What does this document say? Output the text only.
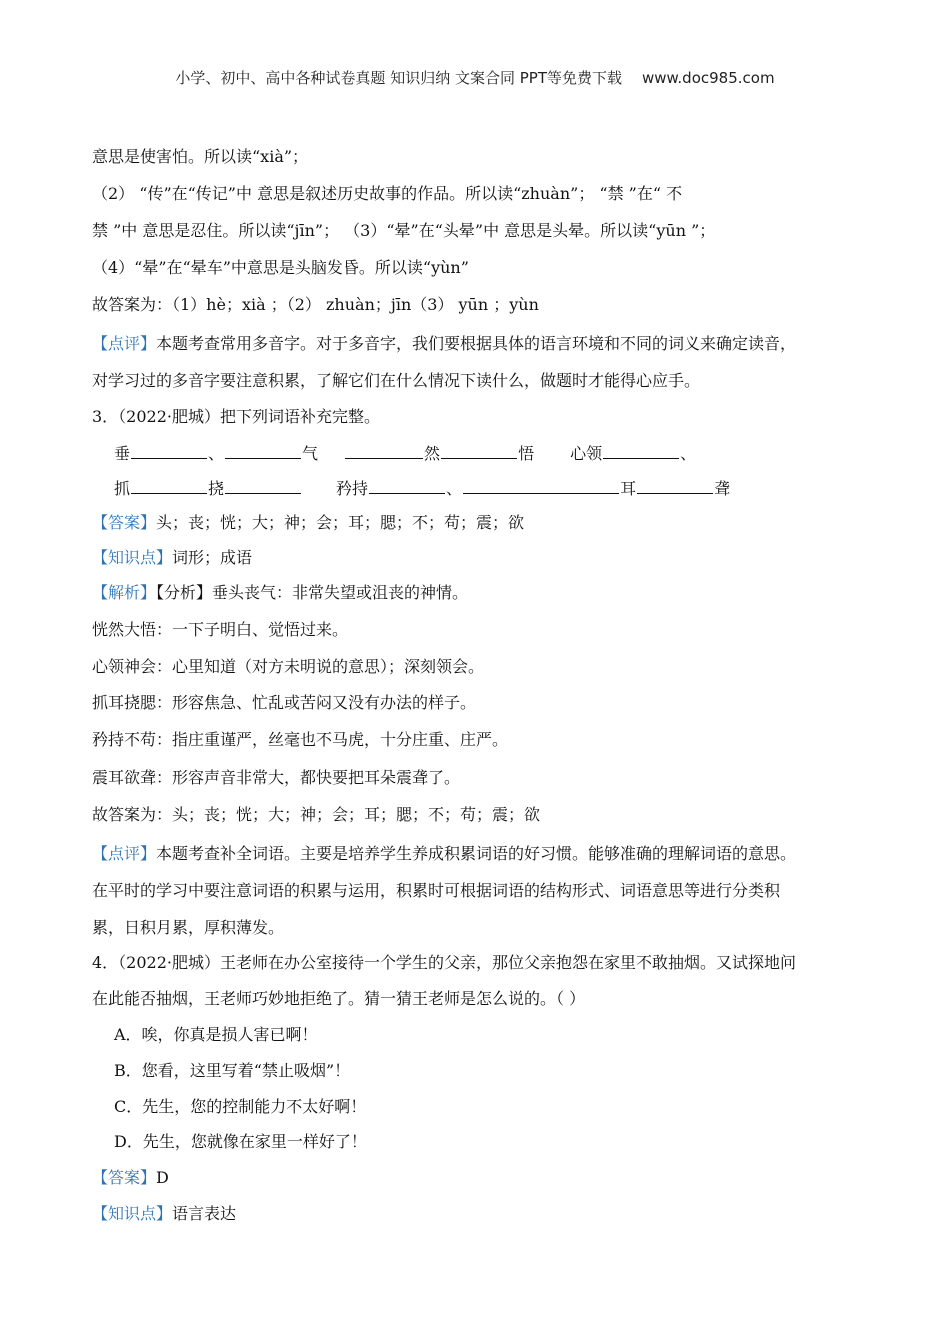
小学、初中、高中各种试卷真题 知识归纳 文案合同 PPT等免费下载 www.doc985.com
意思是使害怕。所以读“xià”；
（2） “传”在“传记”中 意思是叙述历史故事的作品。所以读“zhuàn”； “禁 ”在“ 不
禁 ”中 意思是忍住。所以读“jīn”； （3）“晕”在“头晕”中 意思是头晕。所以读“yūn ”；
（4）“晕”在“晕车”中意思是头脑发昏。所以读“yùn”
故答案为：（1）hè；xià ；（2） zhuàn；jīn（3） yūn ；yùn
【点评】本题考查常用多音字。对于多音字，我们要根据具体的语言环境和不同的词义来确定读音，
对学习过的多音字要注意积累，了解它们在什么情况下读什么，做题时才能得心应手。
3．（2022·肥城）把下列词语补充完整。
垂	、	气	然	悟 心领	、
抓	挠	矜持	、	耳	聋
【答案】头；丧；恍；大；神；会；耳；腮；不；苟；震；欲
【知识点】词形；成语
【解析】【分析】垂头丧气：非常失望或沮丧的神情。
恍然大悟：一下子明白、觉悟过来。
心领神会：心里知道（对方未明说的意思）；深刻领会。
抓耳挠腮：形容焦急、忙乱或苦闷又没有办法的样子。
矜持不苟：指庄重谨严，丝毫也不马虎，十分庄重、庄严。
震耳欲聋：形容声音非常大，都快要把耳朵震聋了。
故答案为：头；丧；恍；大；神；会；耳；腮；不；苟；震；欲
【点评】本题考查补全词语。主要是培养学生养成积累词语的好习惯。能够准确的理解词语的意思。
在平时的学习中要注意词语的积累与运用，积累时可根据词语的结构形式、词语意思等进行分类积
累，日积月累，厚积薄发。
4．（2022·肥城）王老师在办公室接待一个学生的父亲，那位父亲抱怨在家里不敢抽烟。又试探地问
在此能否抽烟，王老师巧妙地拒绝了。猜一猜王老师是怎么说的。（ ）
A．唉，你真是损人害已啊！
B．您看，这里写着“禁止吸烟”！
C．先生，您的控制能力不太好啊！
D．先生，您就像在家里一样好了！
【答案】D
【知识点】语言表达
